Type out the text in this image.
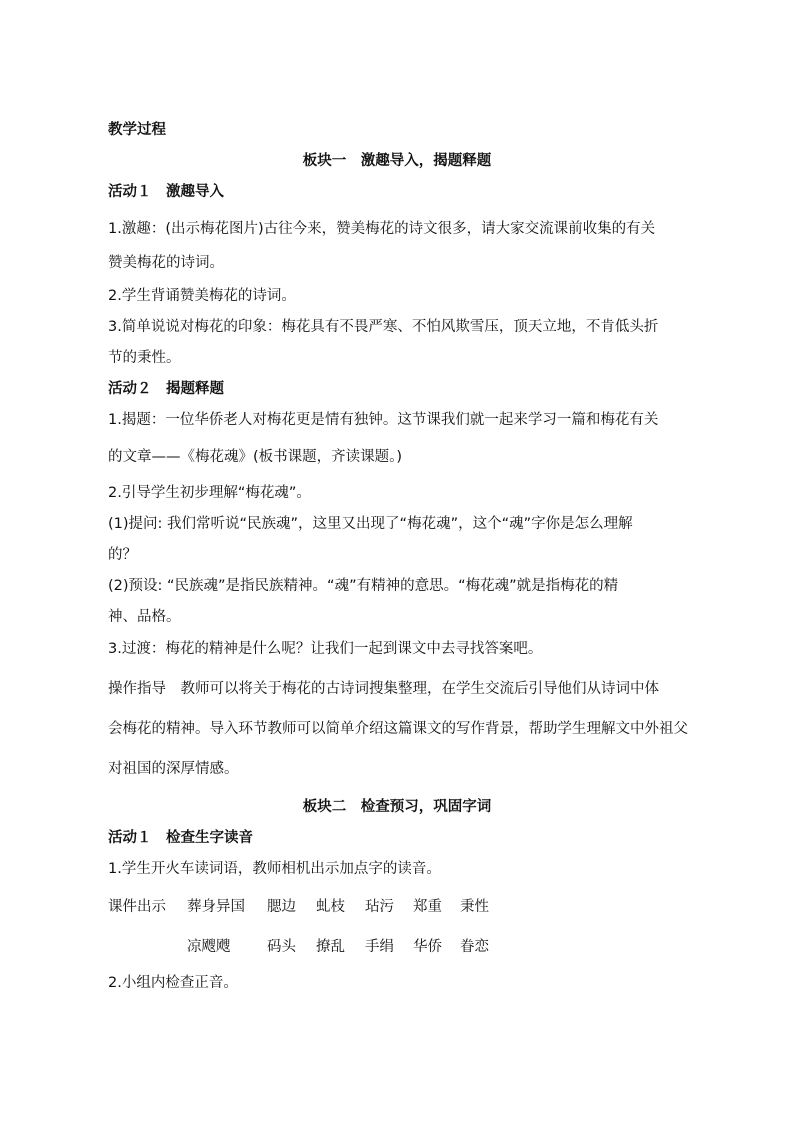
教学过程
板块一　激趣导入，揭题释题
活动１　激趣导入
1.激趣：(出示梅花图片)古往今来，赞美梅花的诗文很多，请大家交流课前收集的有关
赞美梅花的诗词。
2.学生背诵赞美梅花的诗词。
3.简单说说对梅花的印象：梅花具有不畏严寒、不怕风欺雪压，顶天立地，不肯低头折
节的秉性。
活动２　揭题释题
1.揭题：一位华侨老人对梅花更是情有独钟。这节课我们就一起来学习一篇和梅花有关
的文章——《梅花魂》(板书课题，齐读课题。)
2.引导学生初步理解“梅花魂”。
(1)提问: 我们常听说“民族魂”，这里又出现了“梅花魂”，这个“魂”字你是怎么理解
的？
(2)预设: “民族魂”是指民族精神。“魂”有精神的意思。“梅花魂”就是指梅花的精
神、品格。
3.过渡：梅花的精神是什么呢？让我们一起到课文中去寻找答案吧。
操作指导　教师可以将关于梅花的古诗词搜集整理，在学生交流后引导他们从诗词中体
会梅花的精神。导入环节教师可以简单介绍这篇课文的写作背景，帮助学生理解文中外祖父
对祖国的深厚情感。
板块二　检查预习，巩固字词
活动１　检查生字读音
1.学生开火车读词语，教师相机出示加点字的读音。
课件出示 葬身异国 腮边 虬枝 玷污 郑重 秉性
凉飕飕	码头 撩乱 手绢 华侨 眷恋
2.小组内检查正音。
